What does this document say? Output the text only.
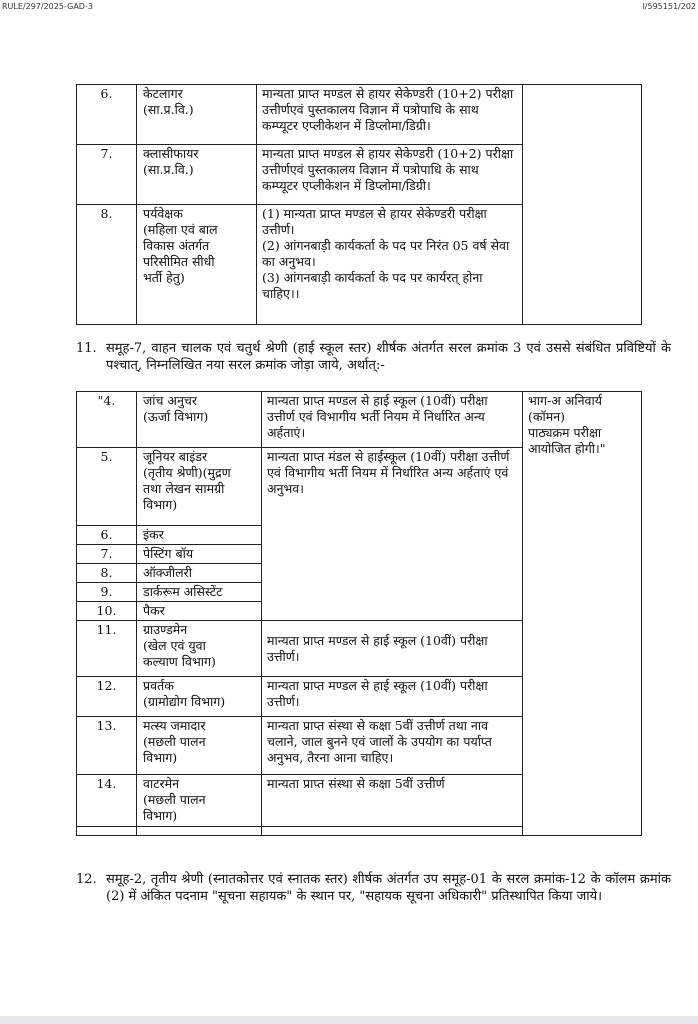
RULE/297/2025-GAD-3	I/595151/202
6.	केटलागर
(सा.प्र.वि.)	मान्यता प्राप्त मण्डल से हायर सेकेण्डरी (10+2) परीक्षा उत्तीर्णएवं पुस्तकालय विज्ञान में पत्रोपाधि के साथ कम्प्यूटर एप्लीकेशन में डिप्लोमा/डिग्री।	
7.	क्लासीफायर
(सा.प्र.वि.)	मान्यता प्राप्त मण्डल से हायर सेकेण्डरी (10+2) परीक्षा उत्तीर्णएवं पुस्तकालय विज्ञान में पत्रोपाधि के साथ कम्प्यूटर एप्लीकेशन में डिप्लोमा/डिग्री।	
8.	पर्यवेक्षक
(महिला एवं बाल
विकास अंतर्गत
परिसीमित सीधी
भर्ती हेतु)	(1) मान्यता प्राप्त मण्डल से हायर सेकेण्डरी परीक्षा उत्तीर्ण।
(2) आंगनबाड़ी कार्यकर्ता के पद पर निरंत 05 वर्ष सेवा का अनुभव।
(3) आंगनबाड़ी कार्यकर्ता के पद पर कार्यरत् होना चाहिए।।	
11. समूह-7, वाहन चालक एवं चतुर्थ श्रेणी (हाई स्कूल स्तर) शीर्षक अंतर्गत सरल क्रमांक 3 एवं उससे संबंधित प्रविष्टियों के पश्चात्, निम्नलिखित नया सरल क्रमांक जोड़ा जाये, अर्थात्:-
"4.	जांच अनुचर
(ऊर्जा विभाग)	मान्यता प्राप्त मण्डल से हाई स्कूल (10वीं) परीक्षा उत्तीर्ण एवं विभागीय भर्ती नियम में निर्धारित अन्य अर्हताएं।	भाग-अ अनिवार्य
(कॉमन)
पाठ्यक्रम परीक्षा
आयोजित होगी।"
5.	जूनियर बाइंडर
(तृतीय श्रेणी)(मुद्रण
तथा लेखन सामग्री
विभाग)	मान्यता प्राप्त मंडल से हाईस्कूल (10वीं) परीक्षा उत्तीर्ण एवं विभागीय भर्ती नियम में निर्धारित अन्य अर्हताएं एवं अनुभव।	
6.	इंकर		
7.	पेस्टिंग बॉय		
8.	ऑक्जीलरी		
9.	डार्करूम असिस्टेंट		
10.	पैकर		
11.	ग्राउण्डमेन
(खेल एवं युवा
कल्याण विभाग)	मान्यता प्राप्त मण्डल से हाई स्कूल (10वीं) परीक्षा उत्तीर्ण।	
12.	प्रवर्तक
(ग्रामोद्योग विभाग)	मान्यता प्राप्त मण्डल से हाई स्कूल (10वीं) परीक्षा उत्तीर्ण।	
13.	मत्स्य जमादार
(मछली पालन
विभाग)	मान्यता प्राप्त संस्था से कक्षा 5वीं उत्तीर्ण तथा नाव चलाने, जाल बुनने एवं जालों के उपयोग का पर्याप्त अनुभव, तैरना आना चाहिए।	
14.	वाटरमेन
(मछली पालन
विभाग)	मान्यता प्राप्त संस्था से कक्षा 5वीं उत्तीर्ण	

12. समूह-2, तृतीय श्रेणी (स्नातकोत्तर एवं स्नातक स्तर) शीर्षक अंतर्गत उप समूह-01 के सरल क्रमांक-12 के कॉलम क्रमांक (2) में अंकित पदनाम "सूचना सहायक" के स्थान पर, "सहायक सूचना अधिकारी" प्रतिस्थापित किया जाये।
